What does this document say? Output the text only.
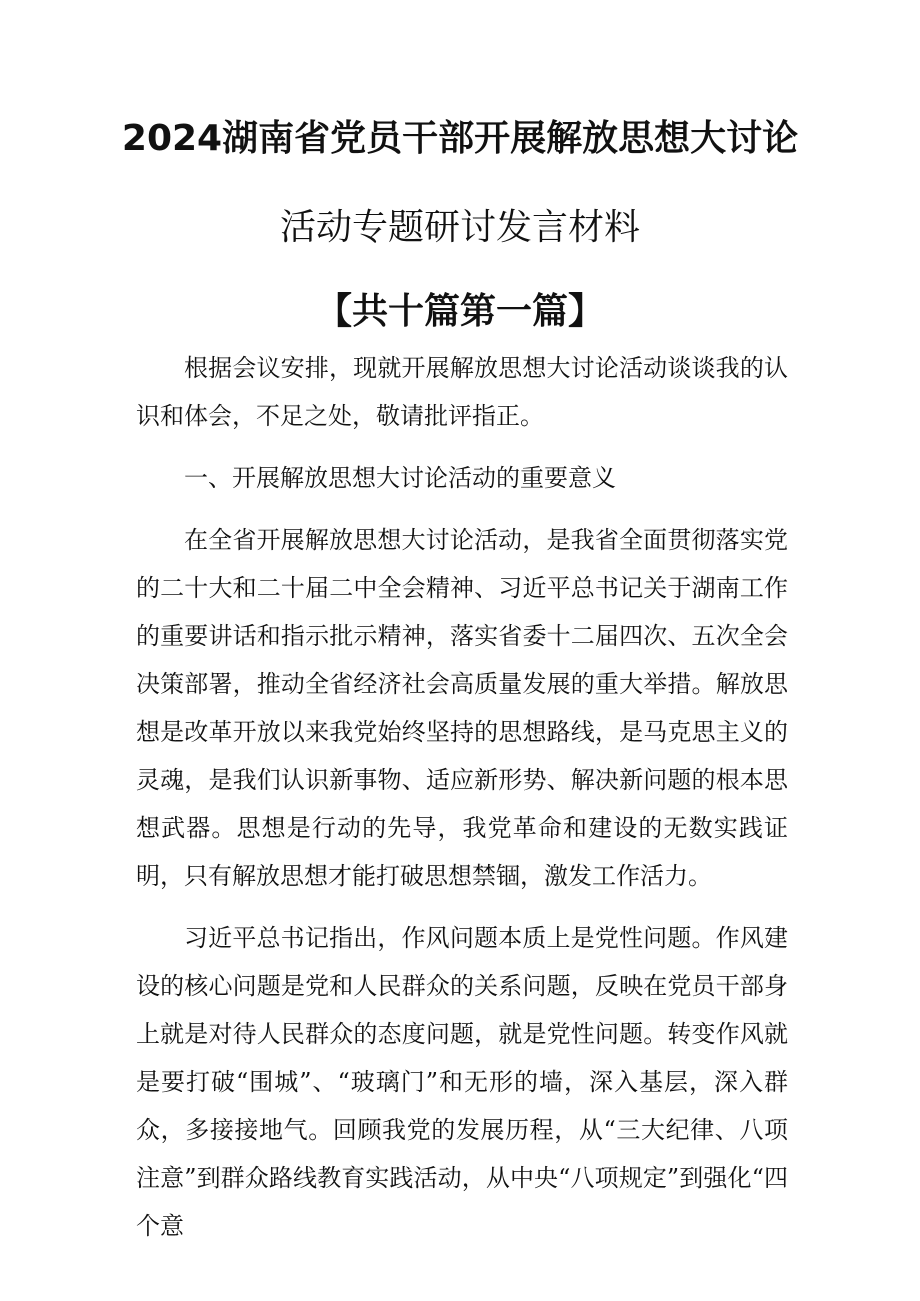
2024湖南省党员干部开展解放思想大讨论
活动专题研讨发言材料
【共十篇第一篇】

根据会议安排，现就开展解放思想大讨论活动谈谈我的认识和体会，不足之处，敬请批评指正。

一、开展解放思想大讨论活动的重要意义

在全省开展解放思想大讨论活动，是我省全面贯彻落实党的二十大和二十届二中全会精神、习近平总书记关于湖南工作的重要讲话和指示批示精神，落实省委十二届四次、五次全会决策部署，推动全省经济社会高质量发展的重大举措。解放思想是改革开放以来我党始终坚持的思想路线，是马克思主义的灵魂，是我们认识新事物、适应新形势、解决新问题的根本思想武器。思想是行动的先导，我党革命和建设的无数实践证明，只有解放思想才能打破思想禁锢，激发工作活力。

习近平总书记指出，作风问题本质上是党性问题。作风建设的核心问题是党和人民群众的关系问题，反映在党员干部身上就是对待人民群众的态度问题，就是党性问题。转变作风就是要打破“围城”、“玻璃门”和无形的墙，深入基层，深入群众，多接接地气。回顾我党的发展历程，从“三大纪律、八项注意”到群众路线教育实践活动，从中央“八项规定”到强化“四个意
